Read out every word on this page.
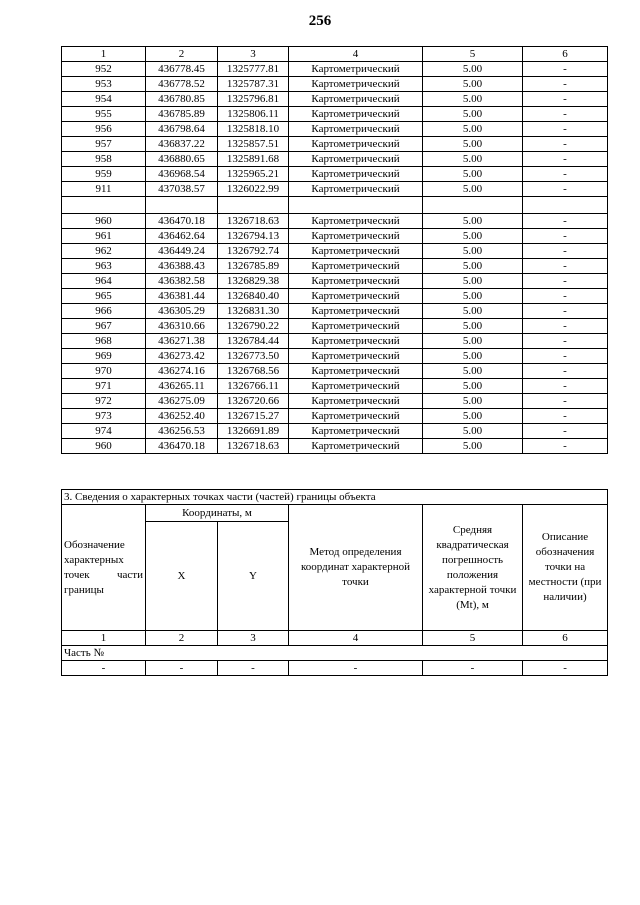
256
1	2	3	4	5	6
952	436778.45	1325777.81	Картометрический	5.00	-
953	436778.52	1325787.31	Картометрический	5.00	-
954	436780.85	1325796.81	Картометрический	5.00	-
955	436785.89	1325806.11	Картометрический	5.00	-
956	436798.64	1325818.10	Картометрический	5.00	-
957	436837.22	1325857.51	Картометрический	5.00	-
958	436880.65	1325891.68	Картометрический	5.00	-
959	436968.54	1325965.21	Картометрический	5.00	-
911	437038.57	1326022.99	Картометрический	5.00	-

960	436470.18	1326718.63	Картометрический	5.00	-
961	436462.64	1326794.13	Картометрический	5.00	-
962	436449.24	1326792.74	Картометрический	5.00	-
963	436388.43	1326785.89	Картометрический	5.00	-
964	436382.58	1326829.38	Картометрический	5.00	-
965	436381.44	1326840.40	Картометрический	5.00	-
966	436305.29	1326831.30	Картометрический	5.00	-
967	436310.66	1326790.22	Картометрический	5.00	-
968	436271.38	1326784.44	Картометрический	5.00	-
969	436273.42	1326773.50	Картометрический	5.00	-
970	436274.16	1326768.56	Картометрический	5.00	-
971	436265.11	1326766.11	Картометрический	5.00	-
972	436275.09	1326720.66	Картометрический	5.00	-
973	436252.40	1326715.27	Картометрический	5.00	-
974	436256.53	1326691.89	Картометрический	5.00	-
960	436470.18	1326718.63	Картометрический	5.00	-
3. Сведения о характерных точках части (частей) границы объекта					
Обозначение характерных точек части границы	Координаты, м		Метод определения координат характерной точки	Средняя квадратическая погрешность положения характерной точки (Mt), м	Описание обозначения точки на местности (при наличии)
	X	Y			
1	2	3	4	5	6
Часть №					
-	-	-	-	-	-
